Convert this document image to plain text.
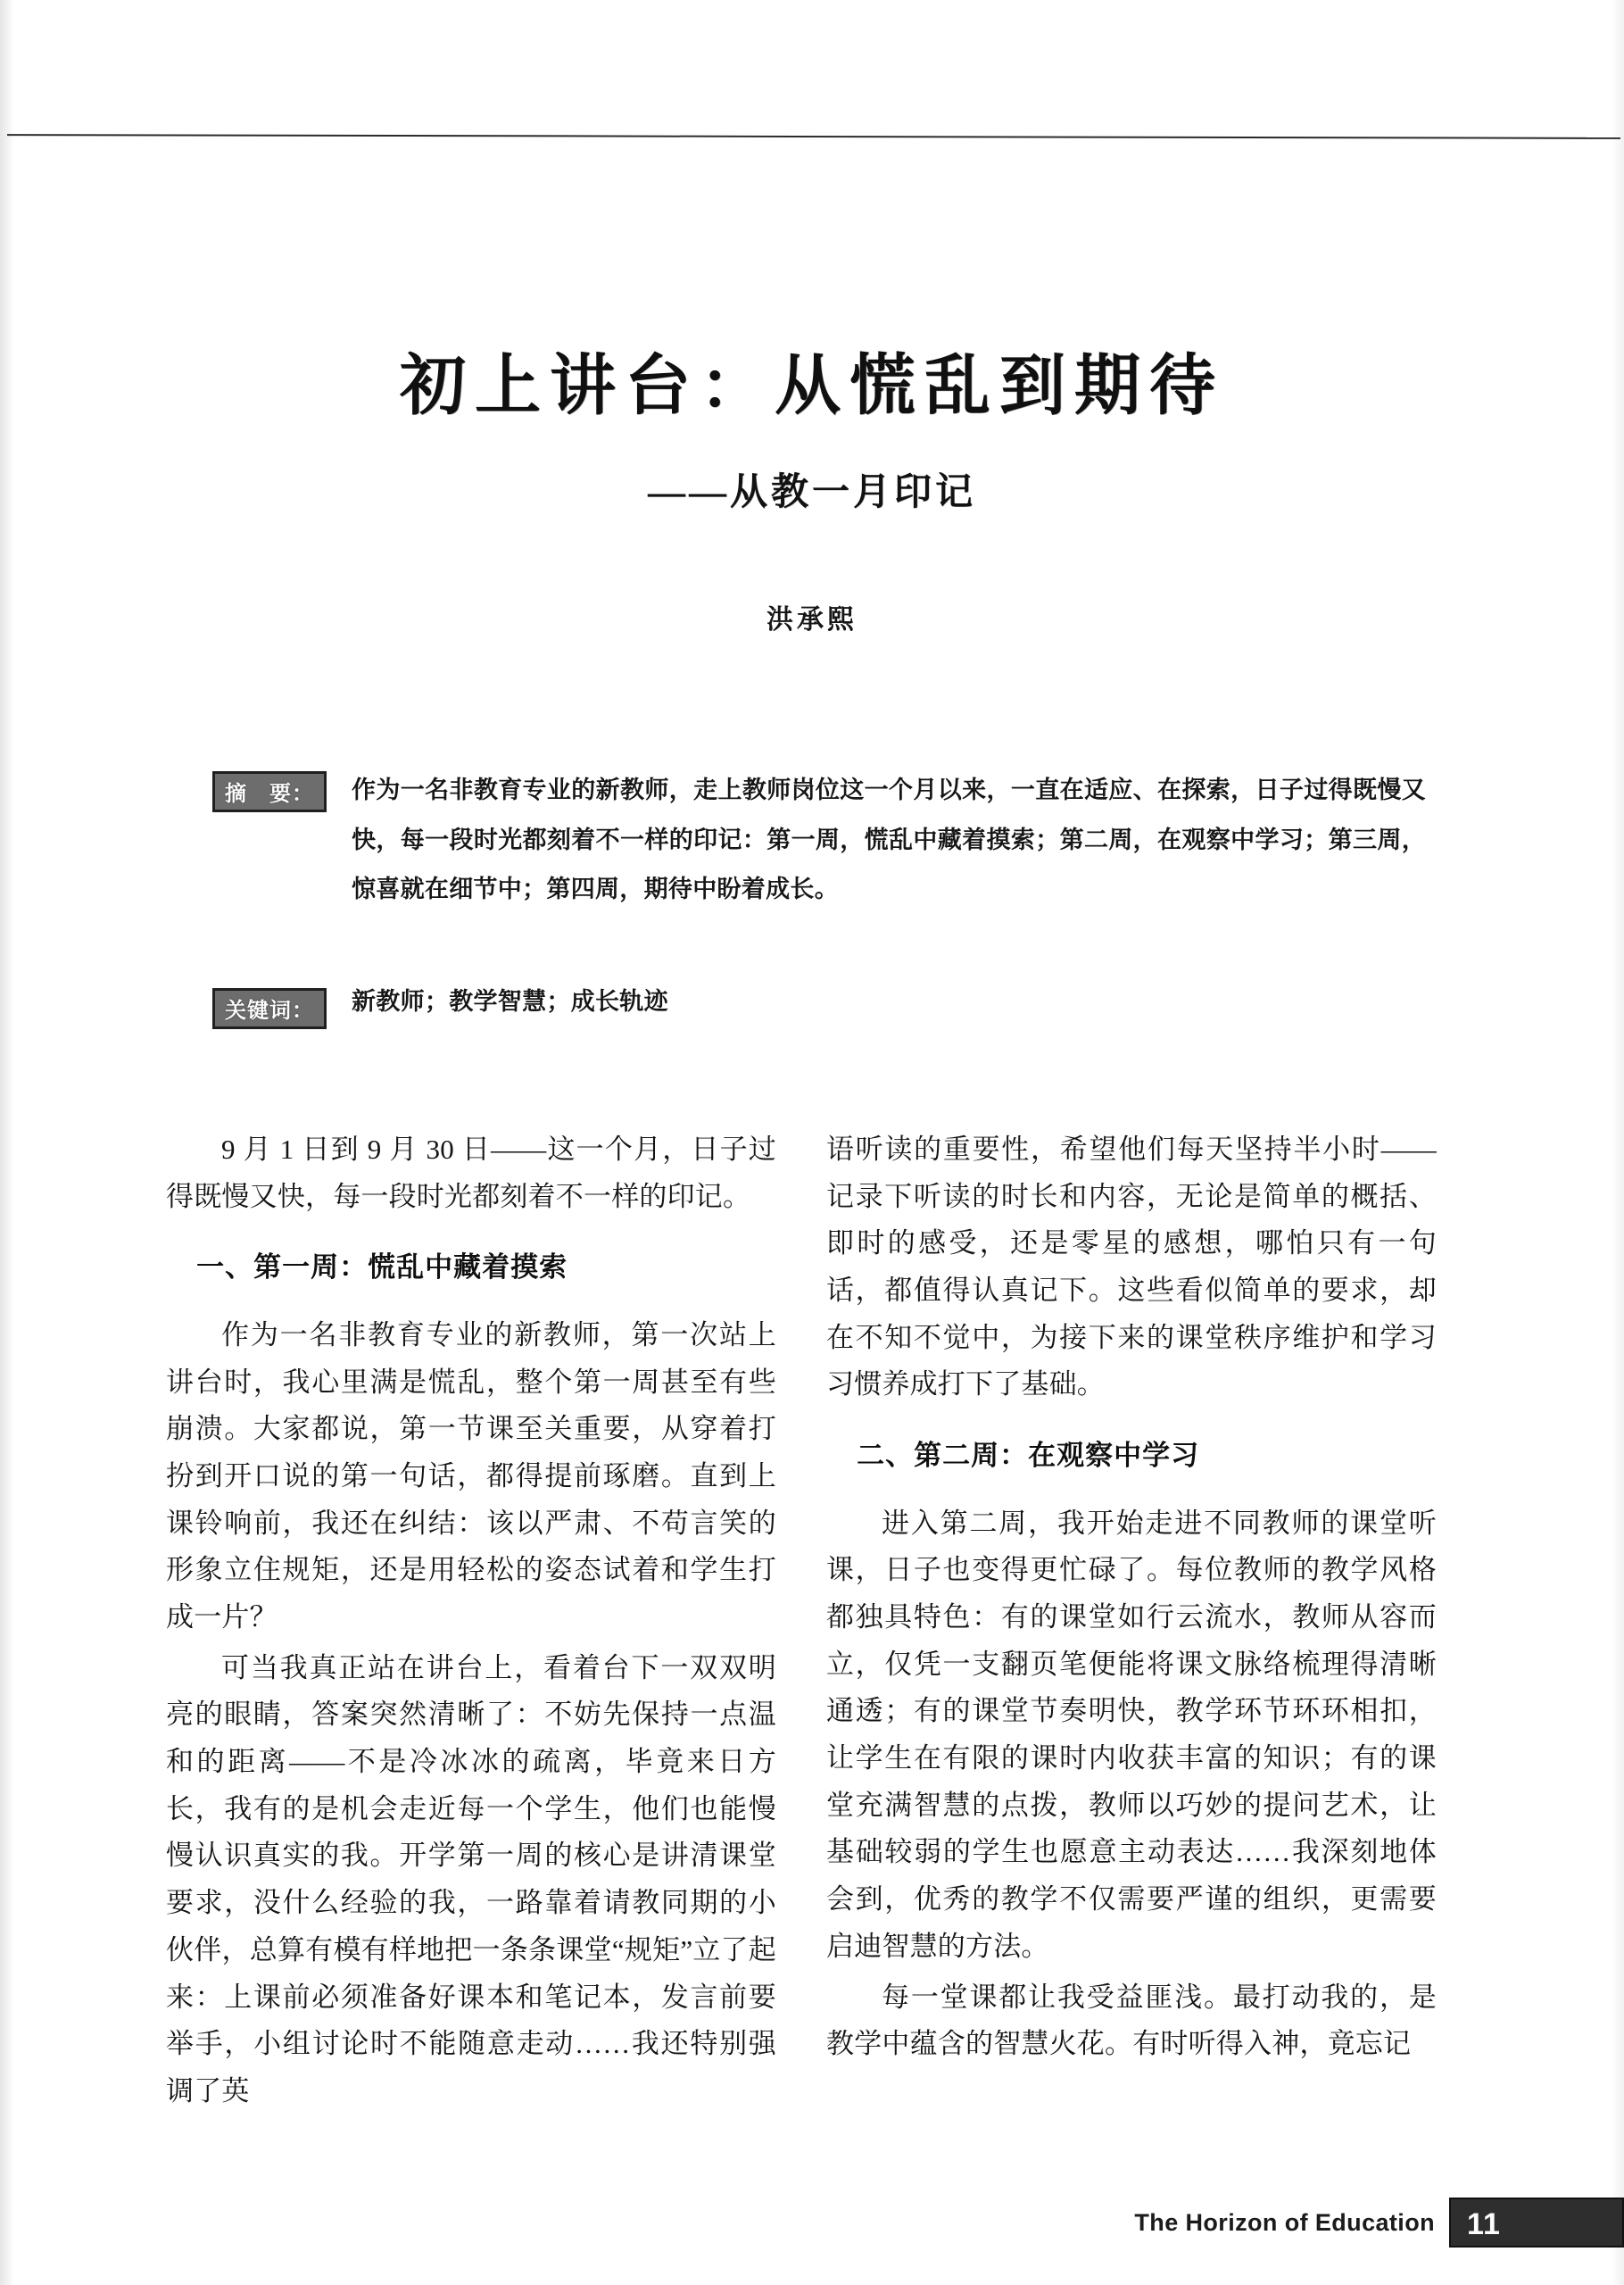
初上讲台：从慌乱到期待
——从教一月印记
洪承熙
摘　要：	作为一名非教育专业的新教师，走上教师岗位这一个月以来，一直在适应、在探索，日子过得既慢又快，每一段时光都刻着不一样的印记：第一周，慌乱中藏着摸索；第二周，在观察中学习；第三周，惊喜就在细节中；第四周，期待中盼着成长。
关键词：	新教师；教学智慧；成长轨迹

9 月 1 日到 9 月 30 日——这一个月，日子过得既慢又快，每一段时光都刻着不一样的印记。

一、第一周：慌乱中藏着摸索

作为一名非教育专业的新教师，第一次站上讲台时，我心里满是慌乱，整个第一周甚至有些崩溃。大家都说，第一节课至关重要，从穿着打扮到开口说的第一句话，都得提前琢磨。直到上课铃响前，我还在纠结：该以严肃、不苟言笑的形象立住规矩，还是用轻松的姿态试着和学生打成一片？

可当我真正站在讲台上，看着台下一双双明亮的眼睛，答案突然清晰了：不妨先保持一点温和的距离——不是冷冰冰的疏离，毕竟来日方长，我有的是机会走近每一个学生，他们也能慢慢认识真实的我。开学第一周的核心是讲清课堂要求，没什么经验的我，一路靠着请教同期的小伙伴，总算有模有样地把一条条课堂“规矩”立了起来：上课前必须准备好课本和笔记本，发言前要举手，小组讨论时不能随意走动……我还特别强调了英

语听读的重要性，希望他们每天坚持半小时——记录下听读的时长和内容，无论是简单的概括、即时的感受，还是零星的感想，哪怕只有一句话，都值得认真记下。这些看似简单的要求，却在不知不觉中，为接下来的课堂秩序维护和学习习惯养成打下了基础。

二、第二周：在观察中学习

进入第二周，我开始走进不同教师的课堂听课，日子也变得更忙碌了。每位教师的教学风格都独具特色：有的课堂如行云流水，教师从容而立，仅凭一支翻页笔便能将课文脉络梳理得清晰通透；有的课堂节奏明快，教学环节环环相扣，让学生在有限的课时内收获丰富的知识；有的课堂充满智慧的点拨，教师以巧妙的提问艺术，让基础较弱的学生也愿意主动表达……我深刻地体会到，优秀的教学不仅需要严谨的组织，更需要启迪智慧的方法。

每一堂课都让我受益匪浅。最打动我的，是教学中蕴含的智慧火花。有时听得入神，竟忘记

The Horizon of Education	11
